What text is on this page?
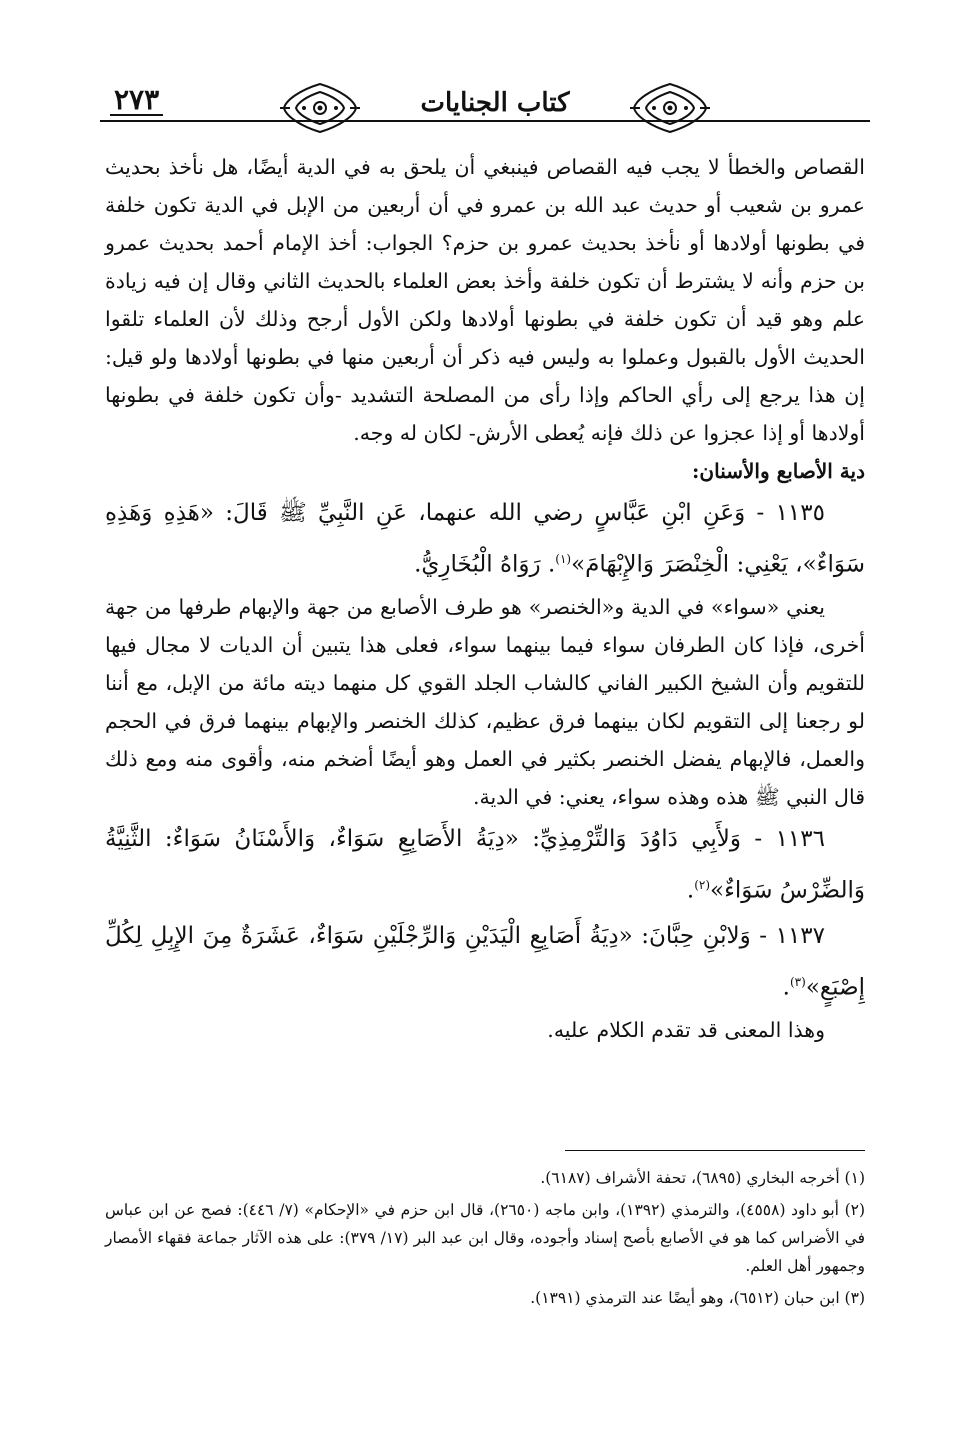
٢٧٣	كتاب الجنايات

القصاص والخطأ لا يجب فيه القصاص فينبغي أن يلحق به في الدية أيضًا، هل نأخذ بحديث عمرو بن شعيب أو حديث عبد الله بن عمرو في أن أربعين من الإبل في الدية تكون خلفة في بطونها أولادها أو نأخذ بحديث عمرو بن حزم؟ الجواب: أخذ الإمام أحمد بحديث عمرو بن حزم وأنه لا يشترط أن تكون خلفة وأخذ بعض العلماء بالحديث الثاني وقال إن فيه زيادة علم وهو قيد أن تكون خلفة في بطونها أولادها ولكن الأول أرجح وذلك لأن العلماء تلقوا الحديث الأول بالقبول وعملوا به وليس فيه ذكر أن أربعين منها في بطونها أولادها ولو قيل: إن هذا يرجع إلى رأي الحاكم وإذا رأى من المصلحة التشديد -وأن تكون خلفة في بطونها أولادها أو إذا عجزوا عن ذلك فإنه يُعطى الأرش- لكان له وجه.

دية الأصابع والأسنان:

١١٣٥ - وَعَنِ ابْنِ عَبَّاسٍ رضي الله عنهما، عَنِ النَّبِيِّ ﷺ قَالَ: «هَذِهِ وَهَذِهِ سَوَاءٌ»، يَعْنِي: الْخِنْصَرَ وَالإِبْهَامَ»$^{(١)}$. رَوَاهُ الْبُخَارِيُّ.

يعني «سواء» في الدية و«الخنصر» هو طرف الأصابع من جهة والإبهام طرفها من جهة أخرى، فإذا كان الطرفان سواء فيما بينهما سواء، فعلى هذا يتبين أن الديات لا مجال فيها للتقويم وأن الشيخ الكبير الفاني كالشاب الجلد القوي كل منهما ديته مائة من الإبل، مع أننا لو رجعنا إلى التقويم لكان بينهما فرق عظيم، كذلك الخنصر والإبهام بينهما فرق في الحجم والعمل، فالإبهام يفضل الخنصر بكثير في العمل وهو أيضًا أضخم منه، وأقوى منه ومع ذلك قال النبي ﷺ هذه وهذه سواء، يعني: في الدية.

١١٣٦ - وَلأَبِي دَاوُدَ وَالتِّرْمِذِيِّ: «دِيَةُ الأَصَابِعِ سَوَاءٌ، وَالأَسْنَانُ سَوَاءٌ: الثَّنِيَّةُ وَالضِّرْسُ سَوَاءٌ»$^{(٢)}$.

١١٣٧ - وَلابْنِ حِبَّانَ: «دِيَةُ أَصَابِعِ الْيَدَيْنِ وَالرِّجْلَيْنِ سَوَاءٌ، عَشَرَةٌ مِنَ الإِبِلِ لِكُلِّ إِصْبَعٍ»$^{(٣)}$.

وهذا المعنى قد تقدم الكلام عليه.

(١) أخرجه البخاري (٦٨٩٥)، تحفة الأشراف (٦١٨٧).

(٢) أبو داود (٤٥٥٨)، والترمذي (١٣٩٢)، وابن ماجه (٢٦٥٠)، قال ابن حزم في «الإحكام» (٧/ ٤٤٦): فصح عن ابن عباس في الأضراس كما هو في الأصابع بأصح إسناد وأجوده، وقال ابن عبد البر (١٧/ ٣٧٩): على هذه الآثار جماعة فقهاء الأمصار وجمهور أهل العلم.

(٣) ابن حبان (٦٥١٢)، وهو أيضًا عند الترمذي (١٣٩١).
